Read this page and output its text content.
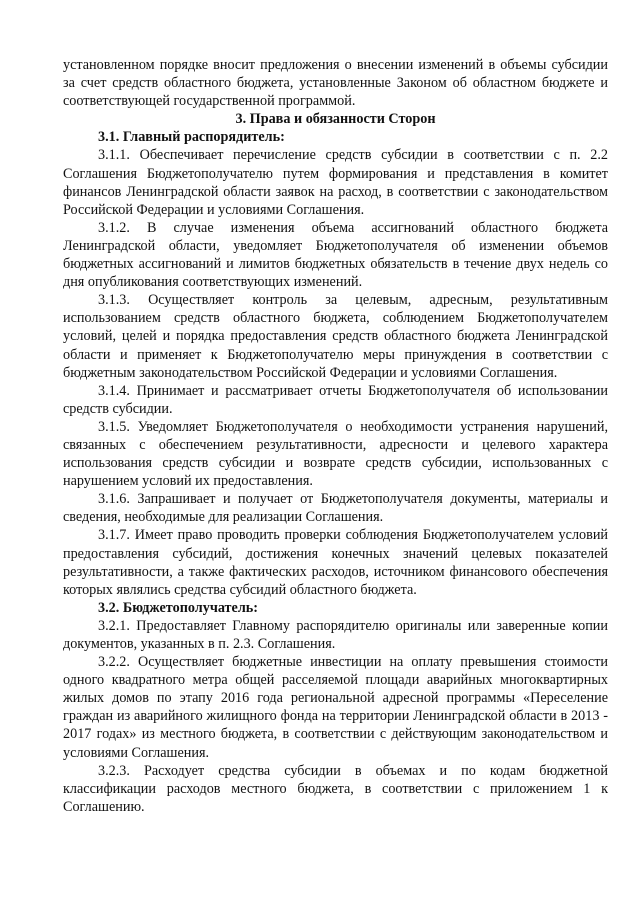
установленном порядке вносит предложения о внесении изменений в объемы субсидии за счет средств областного бюджета, установленные Законом об областном бюджете и соответствующей государственной программой.

3. Права и обязанности Сторон

3.1. Главный распорядитель:

3.1.1. Обеспечивает перечисление средств субсидии в соответствии с п. 2.2 Соглашения Бюджетополучателю путем формирования и представления в комитет финансов Ленинградской области заявок на расход, в соответствии с законодательством Российской Федерации и условиями Соглашения.

3.1.2. В случае изменения объема ассигнований областного бюджета Ленинградской области, уведомляет Бюджетополучателя об изменении объемов бюджетных ассигнований и лимитов бюджетных обязательств в течение двух недель со дня опубликования соответствующих изменений.

3.1.3. Осуществляет контроль за целевым, адресным, результативным использованием средств областного бюджета, соблюдением Бюджетополучателем условий, целей и порядка предоставления средств областного бюджета Ленинградской области и применяет к Бюджетополучателю меры принуждения в соответствии с бюджетным законодательством Российской Федерации и условиями Соглашения.

3.1.4. Принимает и рассматривает отчеты Бюджетополучателя об использовании средств субсидии.

3.1.5. Уведомляет Бюджетополучателя о необходимости устранения нарушений, связанных с обеспечением результативности, адресности и целевого характера использования средств субсидии и возврате средств субсидии, использованных с нарушением условий их предоставления.

3.1.6. Запрашивает и получает от Бюджетополучателя документы, материалы и сведения, необходимые для реализации Соглашения.

3.1.7. Имеет право проводить проверки соблюдения Бюджетополучателем условий предоставления субсидий, достижения конечных значений целевых показателей результативности, а также фактических расходов, источником финансового обеспечения которых являлись средства субсидий областного бюджета.

3.2. Бюджетополучатель:

3.2.1. Предоставляет Главному распорядителю оригиналы или заверенные копии документов, указанных в п. 2.3. Соглашения.

3.2.2. Осуществляет бюджетные инвестиции на оплату превышения стоимости одного квадратного метра общей расселяемой площади аварийных многоквартирных жилых домов по этапу 2016 года региональной адресной программы «Переселение граждан из аварийного жилищного фонда на территории Ленинградской области в 2013 - 2017 годах» из местного бюджета, в соответствии с действующим законодательством и условиями Соглашения.

3.2.3. Расходует средства субсидии в объемах и по кодам бюджетной классификации расходов местного бюджета, в соответствии с приложением 1 к Соглашению.
